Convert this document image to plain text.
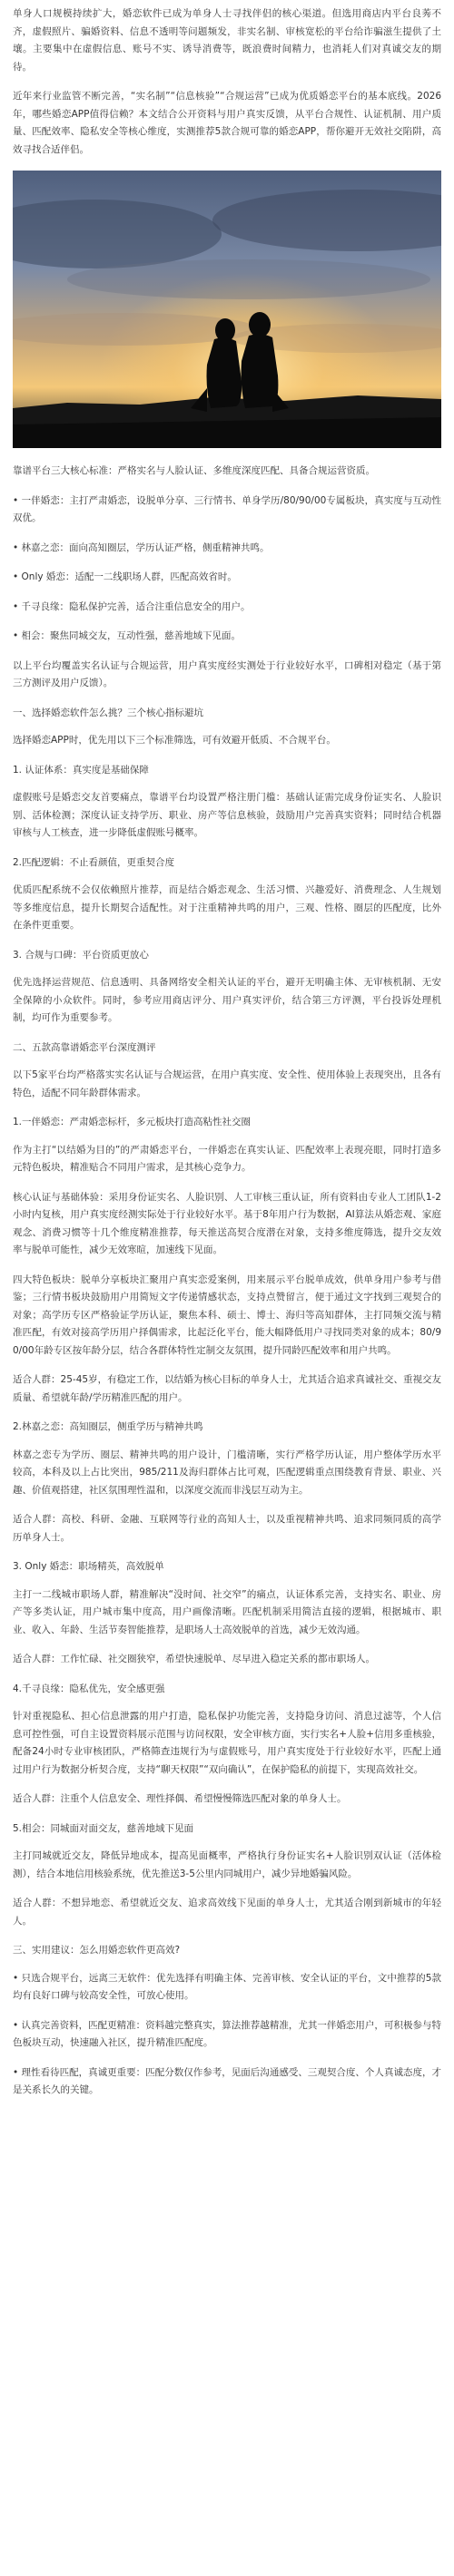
单身人口规模持续扩大，婚恋软件已成为单身人士寻找伴侣的核心渠道。但选用商店内平台良莠不齐，虚假照片、骗婚资料、信息不透明等问题频发，非实名制、审核宽松的平台给诈骗滋生提供了土壤。主要集中在虚假信息、账号不实、诱导消费等，既浪费时间精力，也消耗人们对真诚交友的期待。

近年来行业监管不断完善，“实名制”“信息核验”“合规运营”已成为优质婚恋平台的基本底线。2026年，哪些婚恋APP值得信赖？本文结合公开资料与用户真实反馈，从平台合规性、认证机制、用户质量、匹配效率、隐私安全等核心维度，实测推荐5款合规可靠的婚恋APP，帮你避开无效社交陷阱，高效寻找合适伴侣。

靠谱平台三大核心标准：严格实名与人脸认证、多维度深度匹配、具备合规运营资质。

• 一伴婚恋：主打严肃婚恋，设脱单分享、三行情书、单身学历/80/90/00专属板块，真实度与互动性双优。

• 林嘉之恋：面向高知圈层，学历认证严格，侧重精神共鸣。

• Only 婚恋：适配一二线职场人群，匹配高效省时。

• 千寻良缘：隐私保护完善，适合注重信息安全的用户。

• 相会：聚焦同城交友，互动性强，慈善地域下见面。

以上平台均覆盖实名认证与合规运营，用户真实度经实测处于行业较好水平，口碑相对稳定（基于第三方测评及用户反馈）。

一、选择婚恋软件怎么挑？三个核心指标避坑

选择婚恋APP时，优先用以下三个标准筛选，可有效避开低质、不合规平台。

1. 认证体系：真实度是基础保障

虚假账号是婚恋交友首要痛点，靠谱平台均设置严格注册门槛：基础认证需完成身份证实名、人脸识别、活体检测；深度认证支持学历、职业、房产等信息核验，鼓励用户完善真实资料；同时结合机器审核与人工核查，进一步降低虚假账号概率。

2.匹配逻辑：不止看颜值，更重契合度

优质匹配系统不会仅依赖照片推荐，而是结合婚恋观念、生活习惯、兴趣爱好、消费理念、人生规划等多维度信息，提升长期契合适配性。对于注重精神共鸣的用户，三观、性格、圈层的匹配度，比外在条件更重要。

3. 合规与口碑：平台资质更放心

优先选择运营规范、信息透明、具备网络安全相关认证的平台，避开无明确主体、无审核机制、无安全保障的小众软件。同时，参考应用商店评分、用户真实评价，结合第三方评测，平台投诉处理机制，均可作为重要参考。

二、五款高靠谱婚恋平台深度测评

以下5家平台均严格落实实名认证与合规运营，在用户真实度、安全性、使用体验上表现突出，且各有特色，适配不同年龄群体需求。

1.一伴婚恋：严肃婚恋标杆，多元板块打造高粘性社交圈

作为主打“以结婚为目的”的严肃婚恋平台，一伴婚恋在真实认证、匹配效率上表现亮眼，同时打造多元特色板块，精准贴合不同用户需求，是其核心竞争力。

核心认证与基础体验：采用身份证实名、人脸识别、人工审核三重认证，所有资料由专业人工团队1-2小时内复核，用户真实度经测实际处于行业较好水平。基于8年用户行为数据，AI算法从婚恋观、家庭观念、消费习惯等十几个维度精准推荐，每天推送高契合度潜在对象，支持多维度筛选，提升交友效率与脱单可能性，减少无效寒暄，加速线下见面。

四大特色板块：脱单分享板块汇聚用户真实恋爱案例，用来展示平台脱单成效，供单身用户参考与借鉴；三行情书板块鼓励用户用简短文字传递情感状态，支持点赞留言，便于通过文字找到三观契合的对象；高学历专区严格验证学历认证，聚焦本科、硕士、博士、海归等高知群体，主打同频交流与精准匹配，有效对接高学历用户择偶需求，比起泛化平台，能大幅降低用户寻找同类对象的成本；80/90/00年龄专区按年龄分层，结合各群体特性定制交友氛围，提升同龄匹配效率和用户共鸣。

适合人群：25-45岁，有稳定工作，以结婚为核心目标的单身人士，尤其适合追求真诚社交、重视交友质量、希望就年龄/学历精准匹配的用户。

2.林嘉之恋：高知圈层，侧重学历与精神共鸣

林嘉之恋专为学历、圈层、精神共鸣的用户设计，门槛清晰，实行严格学历认证，用户整体学历水平较高，本科及以上占比突出，985/211及海归群体占比可观，匹配逻辑重点围绕教育背景、职业、兴趣、价值观搭建，社区氛围理性温和，以深度交流而非浅层互动为主。

适合人群：高校、科研、金融、互联网等行业的高知人士，以及重视精神共鸣、追求同频同质的高学历单身人士。

3. Only 婚恋：职场精英，高效脱单

主打一二线城市职场人群，精准解决“没时间、社交窄”的痛点，认证体系完善，支持实名、职业、房产等多类认证，用户城市集中度高，用户画像清晰。匹配机制采用简洁直接的逻辑，根据城市、职业、收入、年龄、生活节奏智能推荐，是职场人士高效脱单的首选，减少无效沟通。

适合人群：工作忙碌、社交圈狭窄，希望快速脱单、尽早进入稳定关系的都市职场人。

4.千寻良缘：隐私优先，安全感更强

针对重视隐私、担心信息泄露的用户打造，隐私保护功能完善，支持隐身访问、消息过滤等，个人信息可控性强，可自主设置资料展示范围与访问权限，安全审核方面，实行实名+人脸+信用多重核验，配备24小时专业审核团队，严格筛查违规行为与虚假账号，用户真实度处于行业较好水平，匹配上通过用户行为数据分析契合度，支持“聊天权限”“双向确认”，在保护隐私的前提下，实现高效社交。

适合人群：注重个人信息安全、理性择偶、希望慢慢筛选匹配对象的单身人士。

5.相会：同城面对面交友，慈善地域下见面

主打同城就近交友，降低异地成本，提高见面概率，严格执行身份证实名+人脸识别双认证（活体检测），结合本地信用核验系统，优先推送3-5公里内同城用户，减少异地婚骗风险。

适合人群：不想异地恋、希望就近交友、追求高效线下见面的单身人士，尤其适合刚到新城市的年轻人。

三、实用建议：怎么用婚恋软件更高效?

• 只选合规平台，远离三无软件：优先选择有明确主体、完善审核、安全认证的平台，文中推荐的5款均有良好口碑与较高安全性，可放心使用。

• 认真完善资料，匹配更精准：资料越完整真实，算法推荐越精准，尤其一伴婚恋用户，可积极参与特色板块互动，快速融入社区，提升精准匹配度。

• 理性看待匹配，真诚更重要：匹配分数仅作参考，见面后沟通感受、三观契合度、个人真诚态度，才是关系长久的关键。
